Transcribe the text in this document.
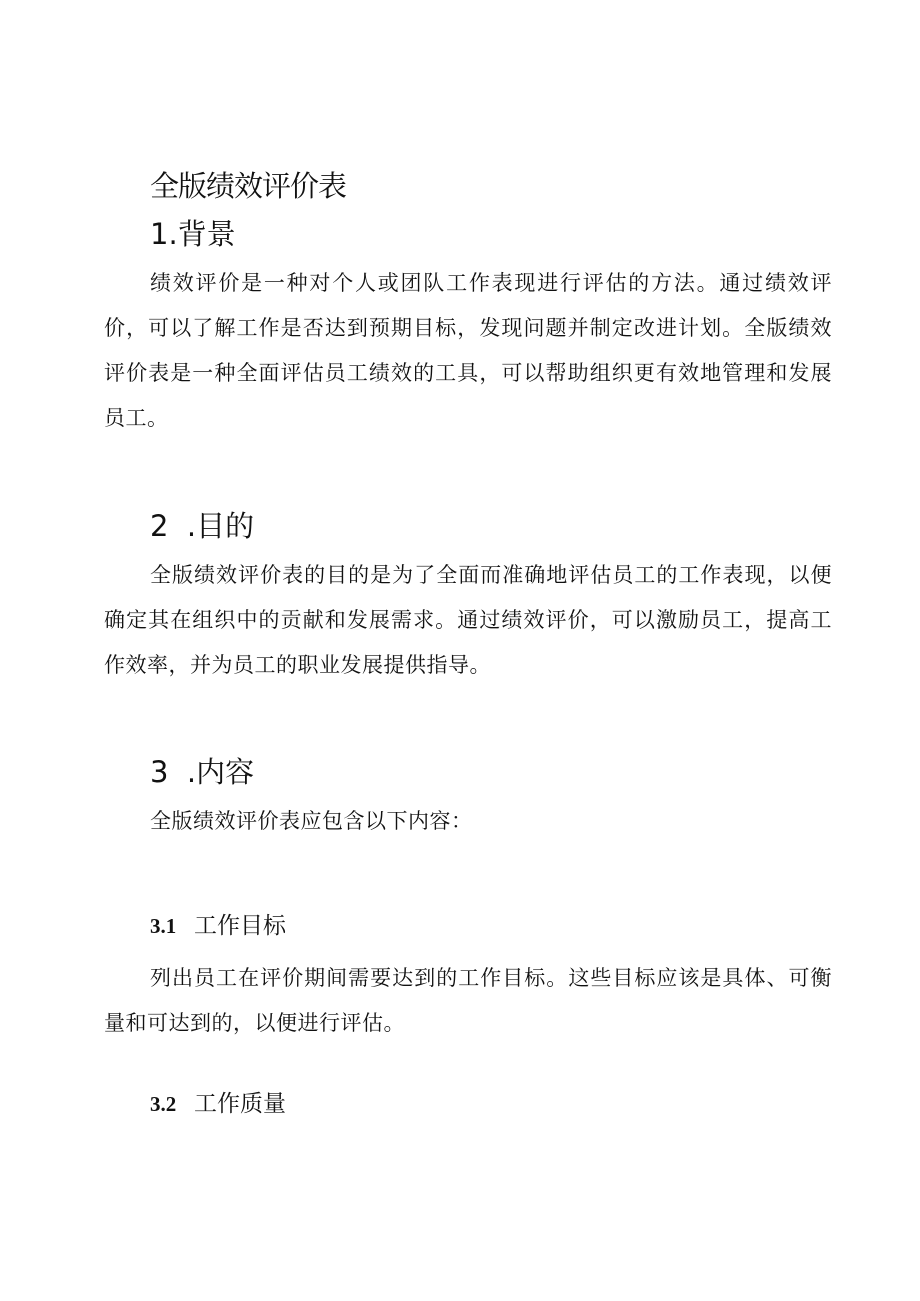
全版绩效评价表
1.背景

绩效评价是一种对个人或团队工作表现进行评估的方法。通过绩效评价，可以了解工作是否达到预期目标，发现问题并制定改进计划。全版绩效评价表是一种全面评估员工绩效的工具，可以帮助组织更有效地管理和发展员工。

2  .目的

全版绩效评价表的目的是为了全面而准确地评估员工的工作表现，以便确定其在组织中的贡献和发展需求。通过绩效评价，可以激励员工，提高工作效率，并为员工的职业发展提供指导。

3  .内容

全版绩效评价表应包含以下内容：

3.1 工作目标

列出员工在评价期间需要达到的工作目标。这些目标应该是具体、可衡量和可达到的，以便进行评估。

3.2 工作质量
